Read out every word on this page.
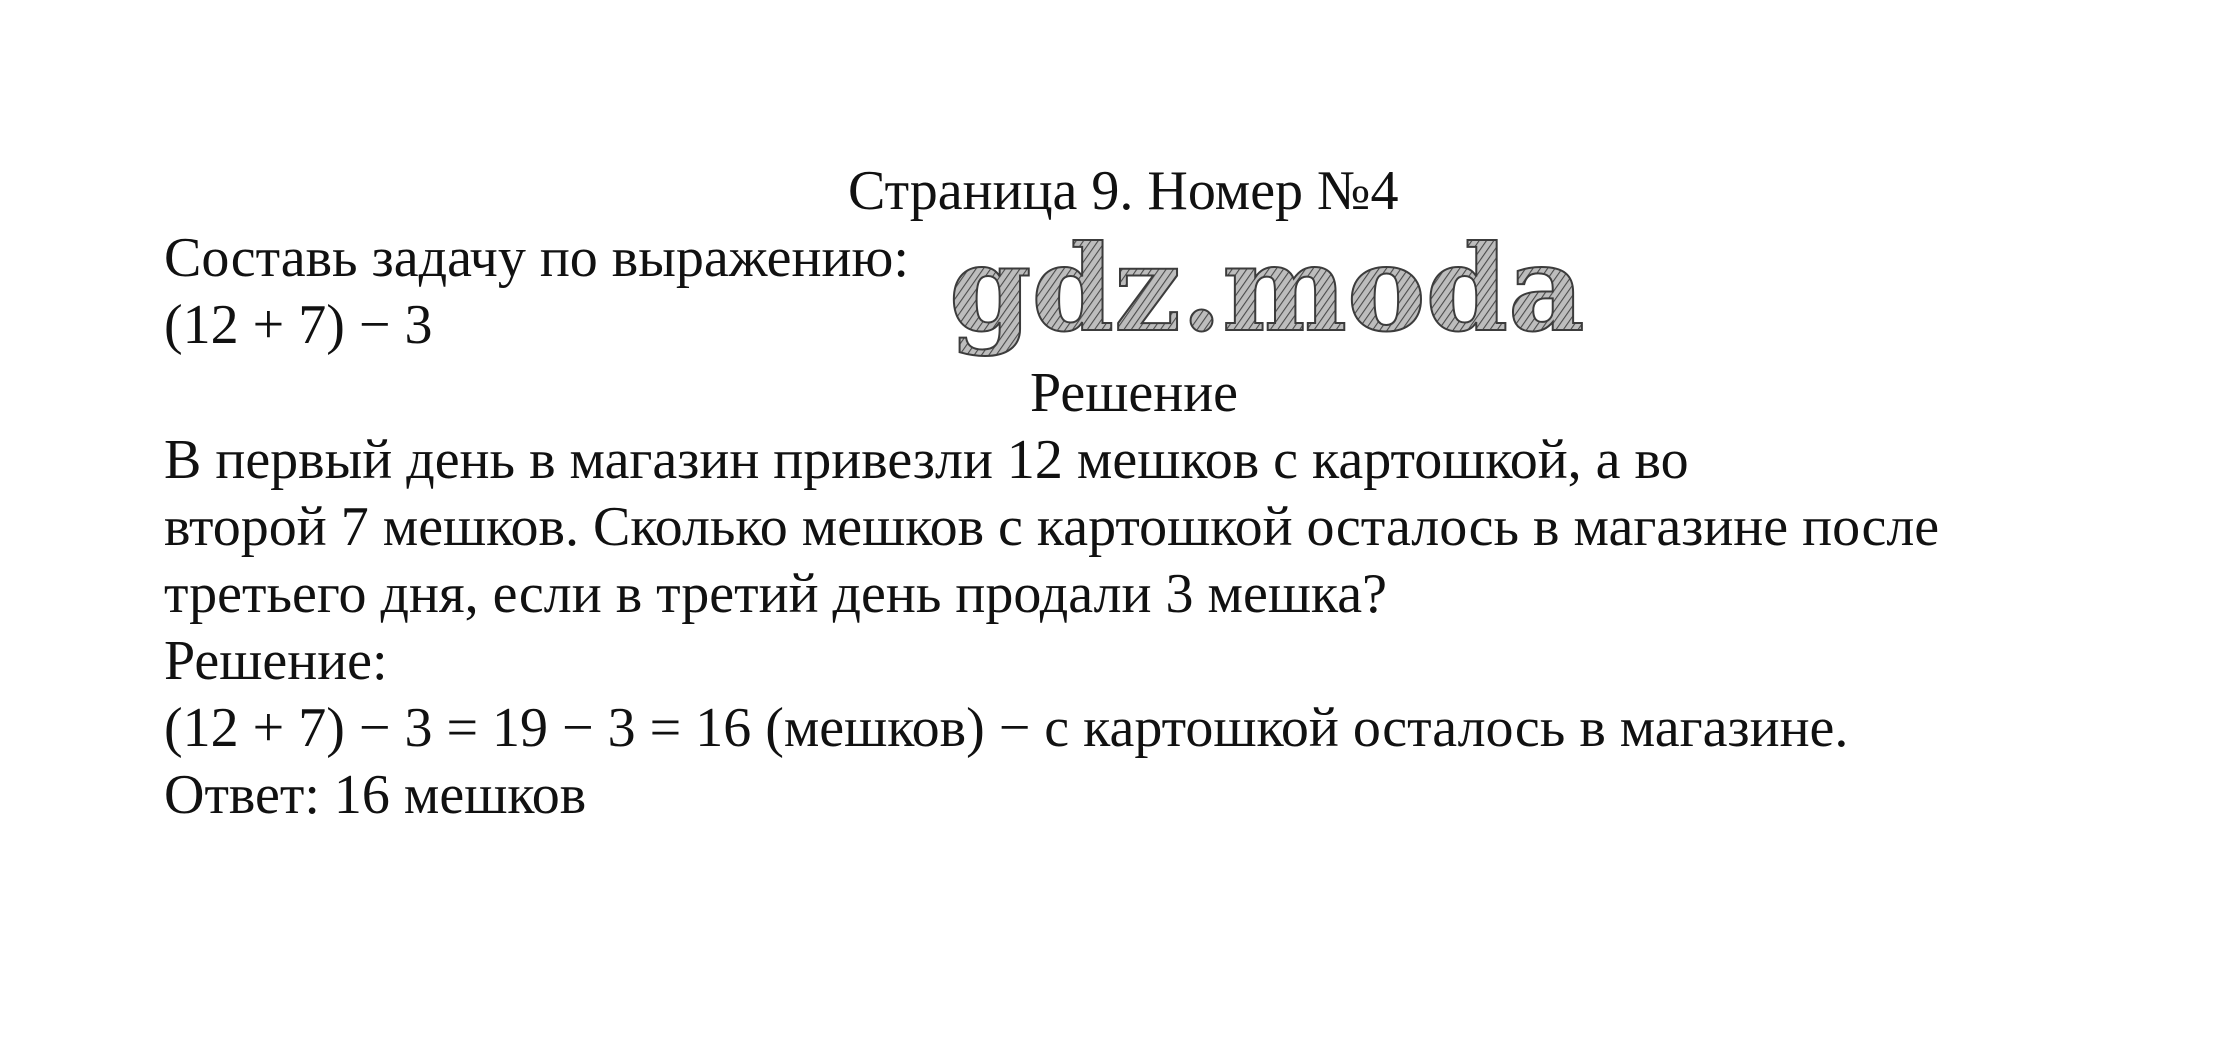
Страница 9. Номер №4
Составь задачу по выражению:
(12 + 7) − 3	gdz.moda
Решение
В первый день в магазин привезли 12 мешков с картошкой, а во
второй 7 мешков. Сколько мешков с картошкой осталось в магазине после
третьего дня, если в третий день продали 3 мешка?
Решение:
(12 + 7) − 3 = 19 − 3 = 16 (мешков) − с картошкой осталось в магазине.
Ответ: 16 мешков
